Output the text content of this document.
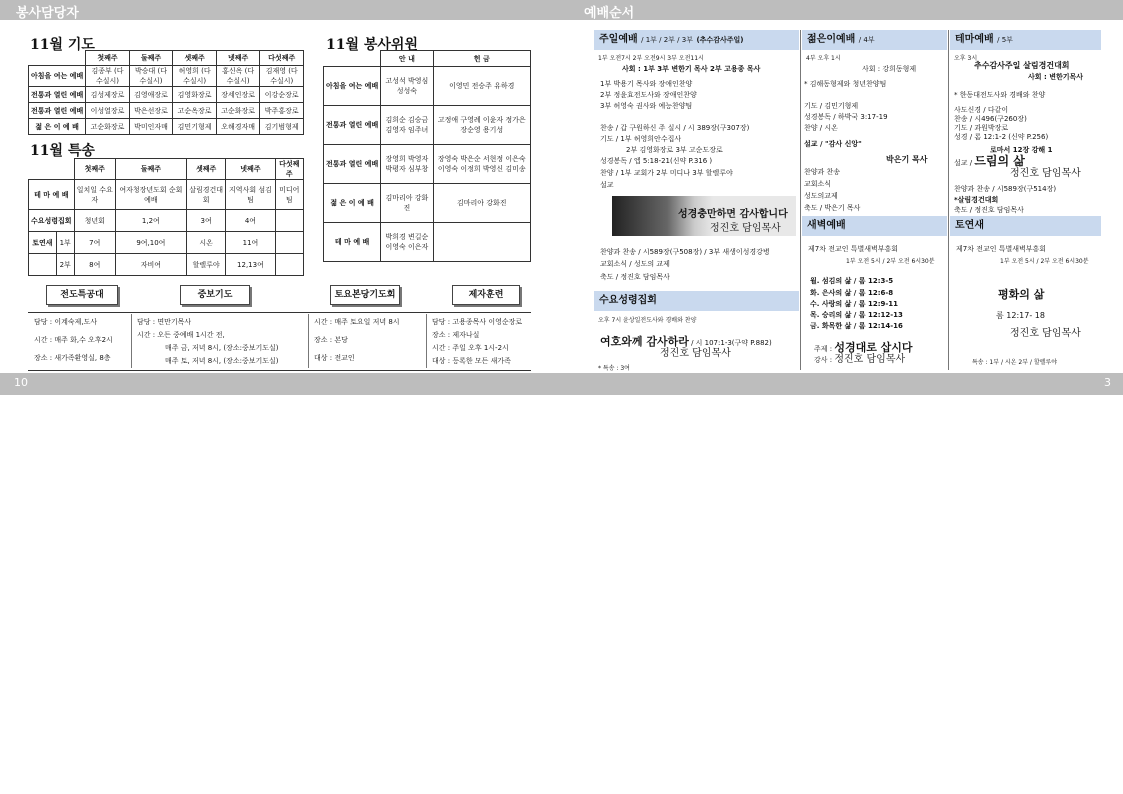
봉사담당자	예배순서
10	3
11월 기도
	첫째주	둘째주	셋째주	넷째주	다섯째주
아침을 여는 예배	김종부 (다수실시)	박승대 (다수실시)	허영희 (다수실시)	홍신옥 (다수실시)	김재영 (다수실시)
전통과 열린 예배	김성제장로	김영애장로	김영화장로	장세인장로	이강순장로
전통과 열린 예배	이성열장로	박은선장로	고순옥장로	고순화장로	박주홍장로
젊 은 이 예 배	고순화장로	박미인자매	김민기형제	오해경자매	김기범형제
11월 특송
		첫째주	둘째주	셋째주	넷째주	다섯째주
테 마 예 배		일치일 수요자	여자청장년도회 순회예배	살림경건대회	지역사회 섬김팀	미디어팀
수요성령집회		청년회	1,2여	3여	4여	
토연새	1부	7여	9여,10여	시온	11여	
	2부	8여	자비여	할렐루야	12,13여	
11월 봉사위원
	안 내	헌 금
아침을 여는 예배	고성석 박영심 성성숙	이영민 전승주 유하경
전통과 열린 예배	김희순 김승금 김영자 임주녀	고정애 구영례 이윤자 정가은 장순영 용기성
전통과 열린 예배	장영희 박영자 박평자 심부창	장영숙 박은순 서현정 이은숙 이영숙 이정희 박영신 김미송
젊 은 이 예 배	김마리아 강화진	김마리아 강화진
테 마 예 배	박희경 변길순 이영숙 이은자	
전도특공대	중보기도	토요본당기도회	제자훈련
담당 : 이계숙제,도사
시간 : 매주 화,수 오후2시
장소 : 새가족환영실, 8층
담당 : 면만기목사
시간 : 오든 중예배 1시간 전,
매주 금, 저녁 8시, (장소:중보기도실)
매주 토, 저녁 8시, (장소:중보기도실)
시간 : 매주 토요일 저녁 8시
장소 : 본당
대상 : 전교인
담당 : 고용종목사 이영순장로
장소 : 제자나실
시간 : 주일 오후 1시-2시
대상 : 등록한 모든 새가족
주일예배 / 1부 / 2부 / 3부 (추수감사주일)
1부 오전7시 2부 오전9시 3부 오전11시
사회 : 1부 3부 변한기 목사 2부 고용종 목사
1부 박용기 목사와 장애인찬양
2부 정윤효전도사와 장애인찬양
3부 허영숙 권사와 예능찬양팀
찬송 / 갑 구원하신 주 실시 / 시 389장(구307장)
기도 / 1부 허영희안수집사
2부 김영화장로 3부 고순도장로
성경봉독 / 엡 5:18-21(신약 P.316 )
찬양 / 1부 교회가 2부 미디나 3부 할렐루야
설교
성경충만하면 감사합니다
정진호 담임목사
찬양과 찬송 / 시589장(구508장) / 3부 새생이성경강병
교회소식 / 성도의 교제
축도 / 정진호 담임목사
수요성령집회
오후 7시 윤상일전도사와 경배와 찬양
여호와께 감사하라 / 시 107:1-3(구약 P.882)
정진호 담임목사
* 특송 : 3여
젊은이예배 / 4부
4부 오후 1시
사회 : 강희동형제
* 김해동형제와 청년찬양팀
기도 / 김민기형제
성경봉독 / 하박국 3:17-19
찬양 / 시온
설교 / "감사 신앙"
박은기 목사
찬양과 찬송
교회소식
성도의교제
축도 / 박은기 목사
새벽예배
제7차 전교인 특별새벽부흥회
1부 오전 5시 / 2부 오전 6시30분
월. 섬김의 삶 / 롬 12:3-5
화. 은사의 삶 / 롬 12:6-8
수. 사랑의 삶 / 롬 12:9-11
목. 승리의 삶 / 롬 12:12-13
금. 화목한 삶 / 롬 12:14-16
주제 : 성경대로 삽시다
강사 : 정진호 담임목사
테마예배 / 5부
오후 3시
추수감사주일 살림경건대회
사회 : 변한기목사
* 한동대전도사와 경배와 찬양
사도신경 / 다같이
찬송 / 시496(구260장)
기도 / 과원박장로
성경 / 롬 12:1-2 (신약 P.256)
로마서 12장 강해 1
설교 / 드림의 삶
정진호 담임목사
찬양과 찬송 / 시589장(구514장)
*살림경건대회
축도 / 정진호 담임목사
토연새
제7차 전교인 특별새벽부흥회
1부 오전 5시 / 2부 오전 6시30분
평화의 삶
롬 12:17- 18
정진호 담임목사
특송 : 1부 / 시온 2부 / 할렐루야
